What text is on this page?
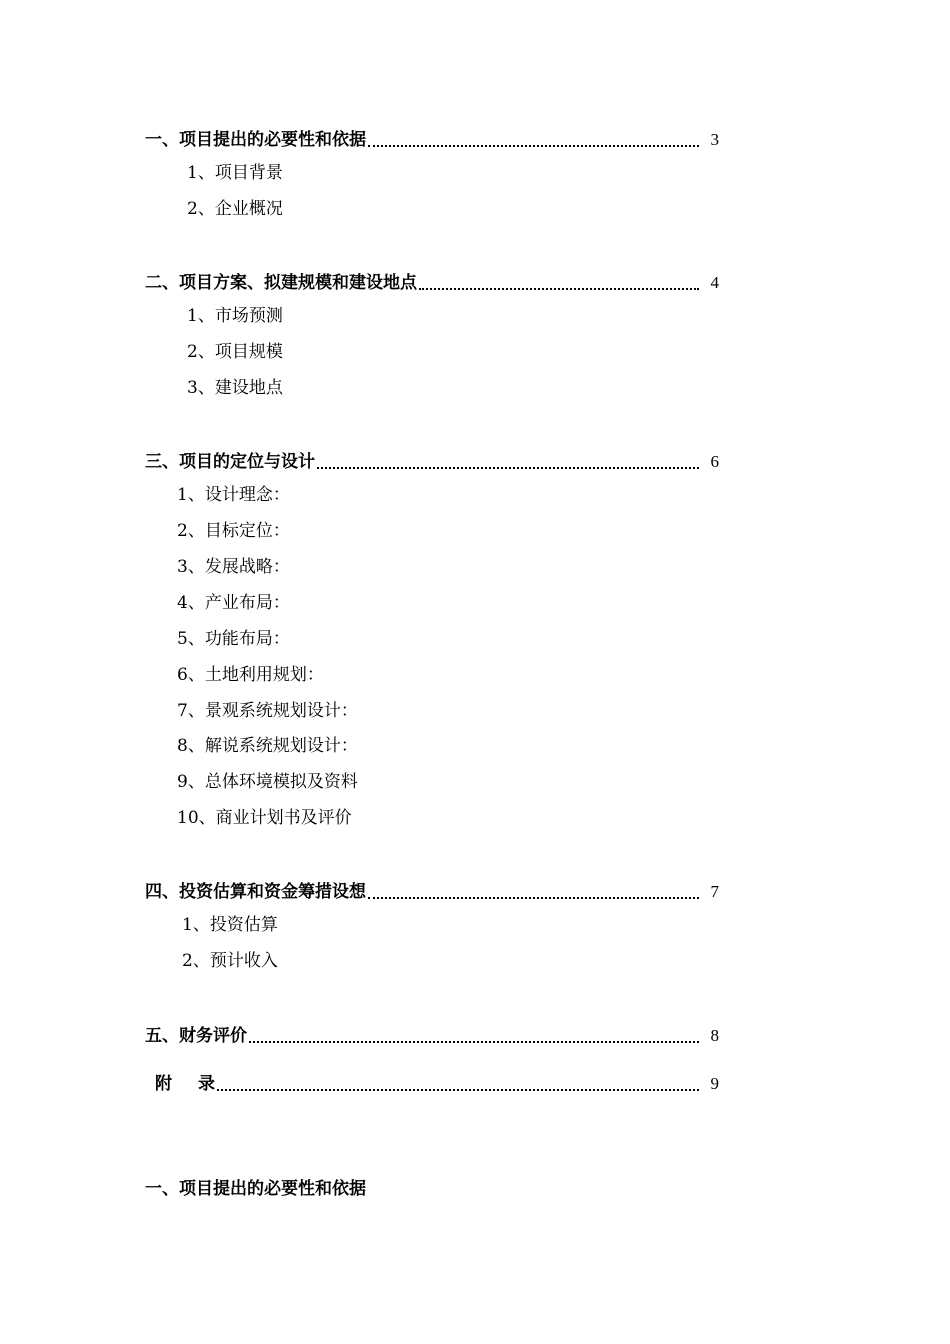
一、项目提出的必要性和依据	3
1、项目背景
2、企业概况
二、项目方案、拟建规模和建设地点	4
1、市场预测
2、项目规模
3、建设地点
三、项目的定位与设计	6
1、设计理念：
2、目标定位：
3、发展战略：
4、产业布局：
5、功能布局：
6、土地利用规划：
7、景观系统规划设计：
8、解说系统规划设计：
9、总体环境模拟及资料
10、商业计划书及评价
四、投资估算和资金筹措设想	7
1、投资估算
2、预计收入
五、财务评价	8
附 录	9
一、项目提出的必要性和依据
